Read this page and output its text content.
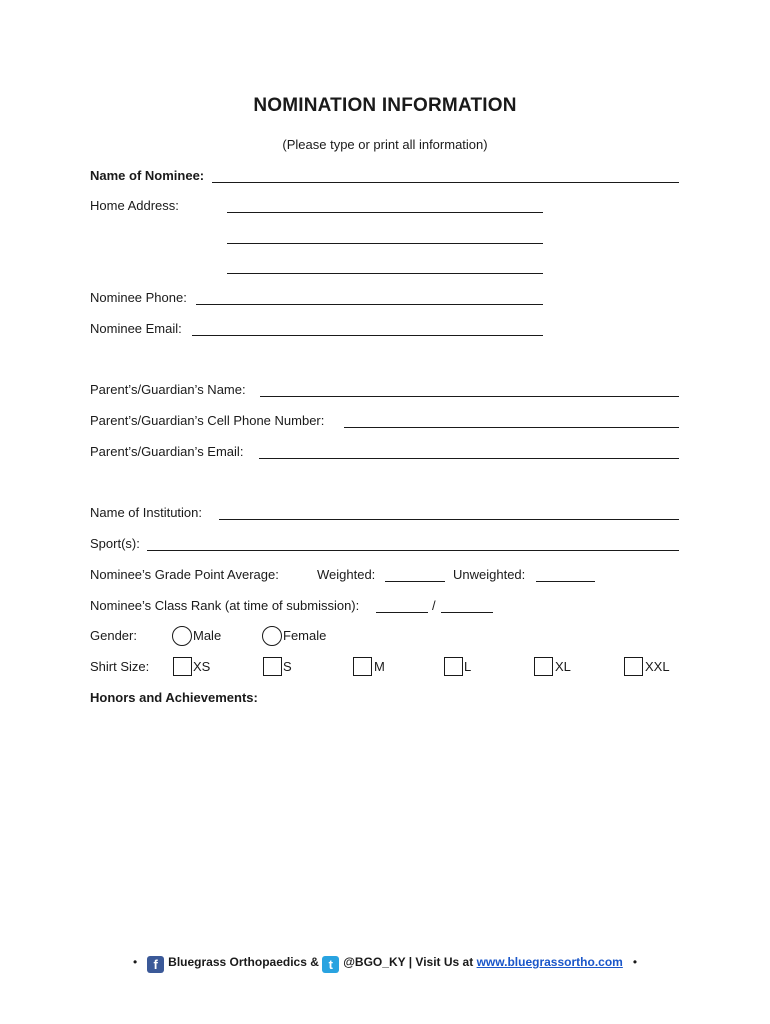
NOMINATION INFORMATION
(Please type or print all information)
Name of Nominee:
Home Address:
Nominee Phone:
Nominee Email:
Parent’s/Guardian’s Name:
Parent’s/Guardian’s Cell Phone Number:
Parent’s/Guardian’s Email:
Name of Institution:
Sport(s):
Nominee’s Grade Point Average:	Weighted:	Unweighted:
Nominee’s Class Rank (at time of submission):	/
Gender:	Male	Female
Shirt Size:	XS	S	M	L	XL	XXL
Honors and Achievements:
• f Bluegrass Orthopaedics & t @BGO_KY | Visit Us at www.bluegrassortho.com •
